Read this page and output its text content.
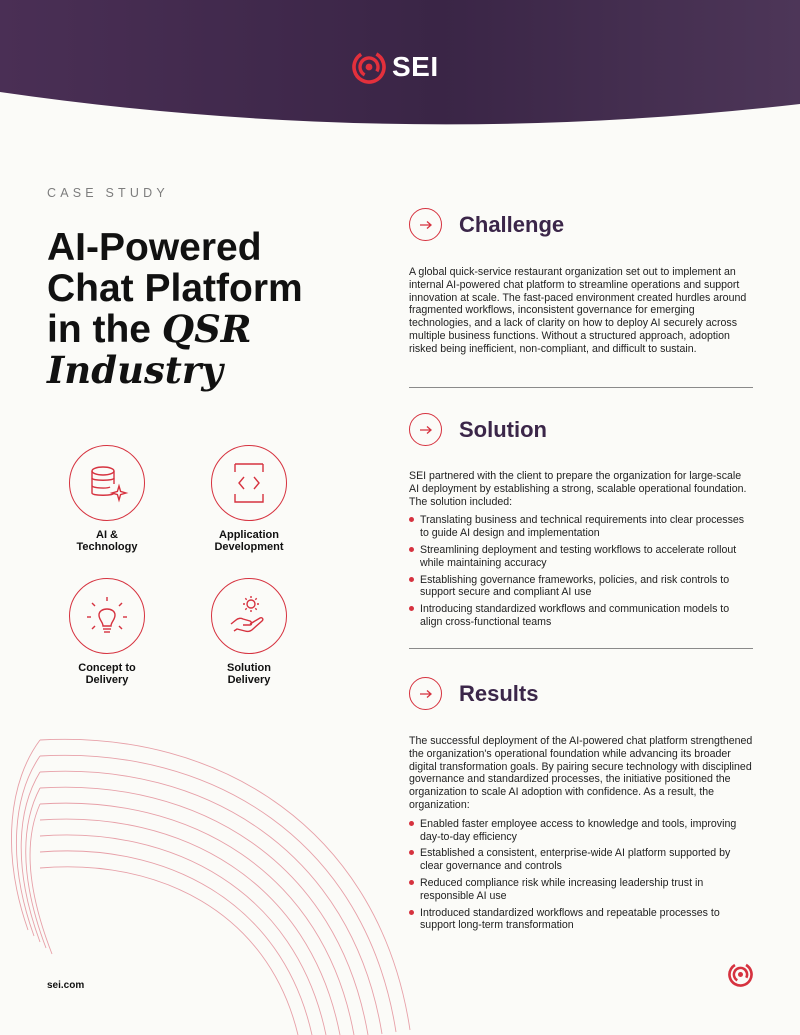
SEI
CASE STUDY
AI-Powered
Chat Platform
in the QSR
Industry
AI &
Technology
Application
Development
Concept to
Delivery
Solution
Delivery
sei.com
Challenge

A global quick-service restaurant organization set out to implement an internal AI-powered chat platform to streamline operations and support innovation at scale. The fast-paced environment created hurdles around fragmented workflows, inconsistent governance for emerging technologies, and a lack of clarity on how to deploy AI securely across multiple business functions. Without a structured approach, adoption risked being inefficient, non-compliant, and difficult to sustain.

Solution

SEI partnered with the client to prepare the organization for large-scale AI deployment by establishing a strong, scalable operational foundation. The solution included:

Translating business and technical requirements into clear processes to guide AI design and implementation
Streamlining deployment and testing workflows to accelerate rollout while maintaining accuracy
Establishing governance frameworks, policies, and risk controls to support secure and compliant AI use
Introducing standardized workflows and communication models to align cross-functional teams
Results

The successful deployment of the AI-powered chat platform strengthened the organization's operational foundation while advancing its broader digital transformation goals. By pairing secure technology with disciplined governance and standardized processes, the initiative positioned the organization to scale AI adoption with confidence. As a result, the organization:

Enabled faster employee access to knowledge and tools, improving day-to-day efficiency
Established a consistent, enterprise-wide AI platform supported by clear governance and controls
Reduced compliance risk while increasing leadership trust in responsible AI use
Introduced standardized workflows and repeatable processes to support long-term transformation
